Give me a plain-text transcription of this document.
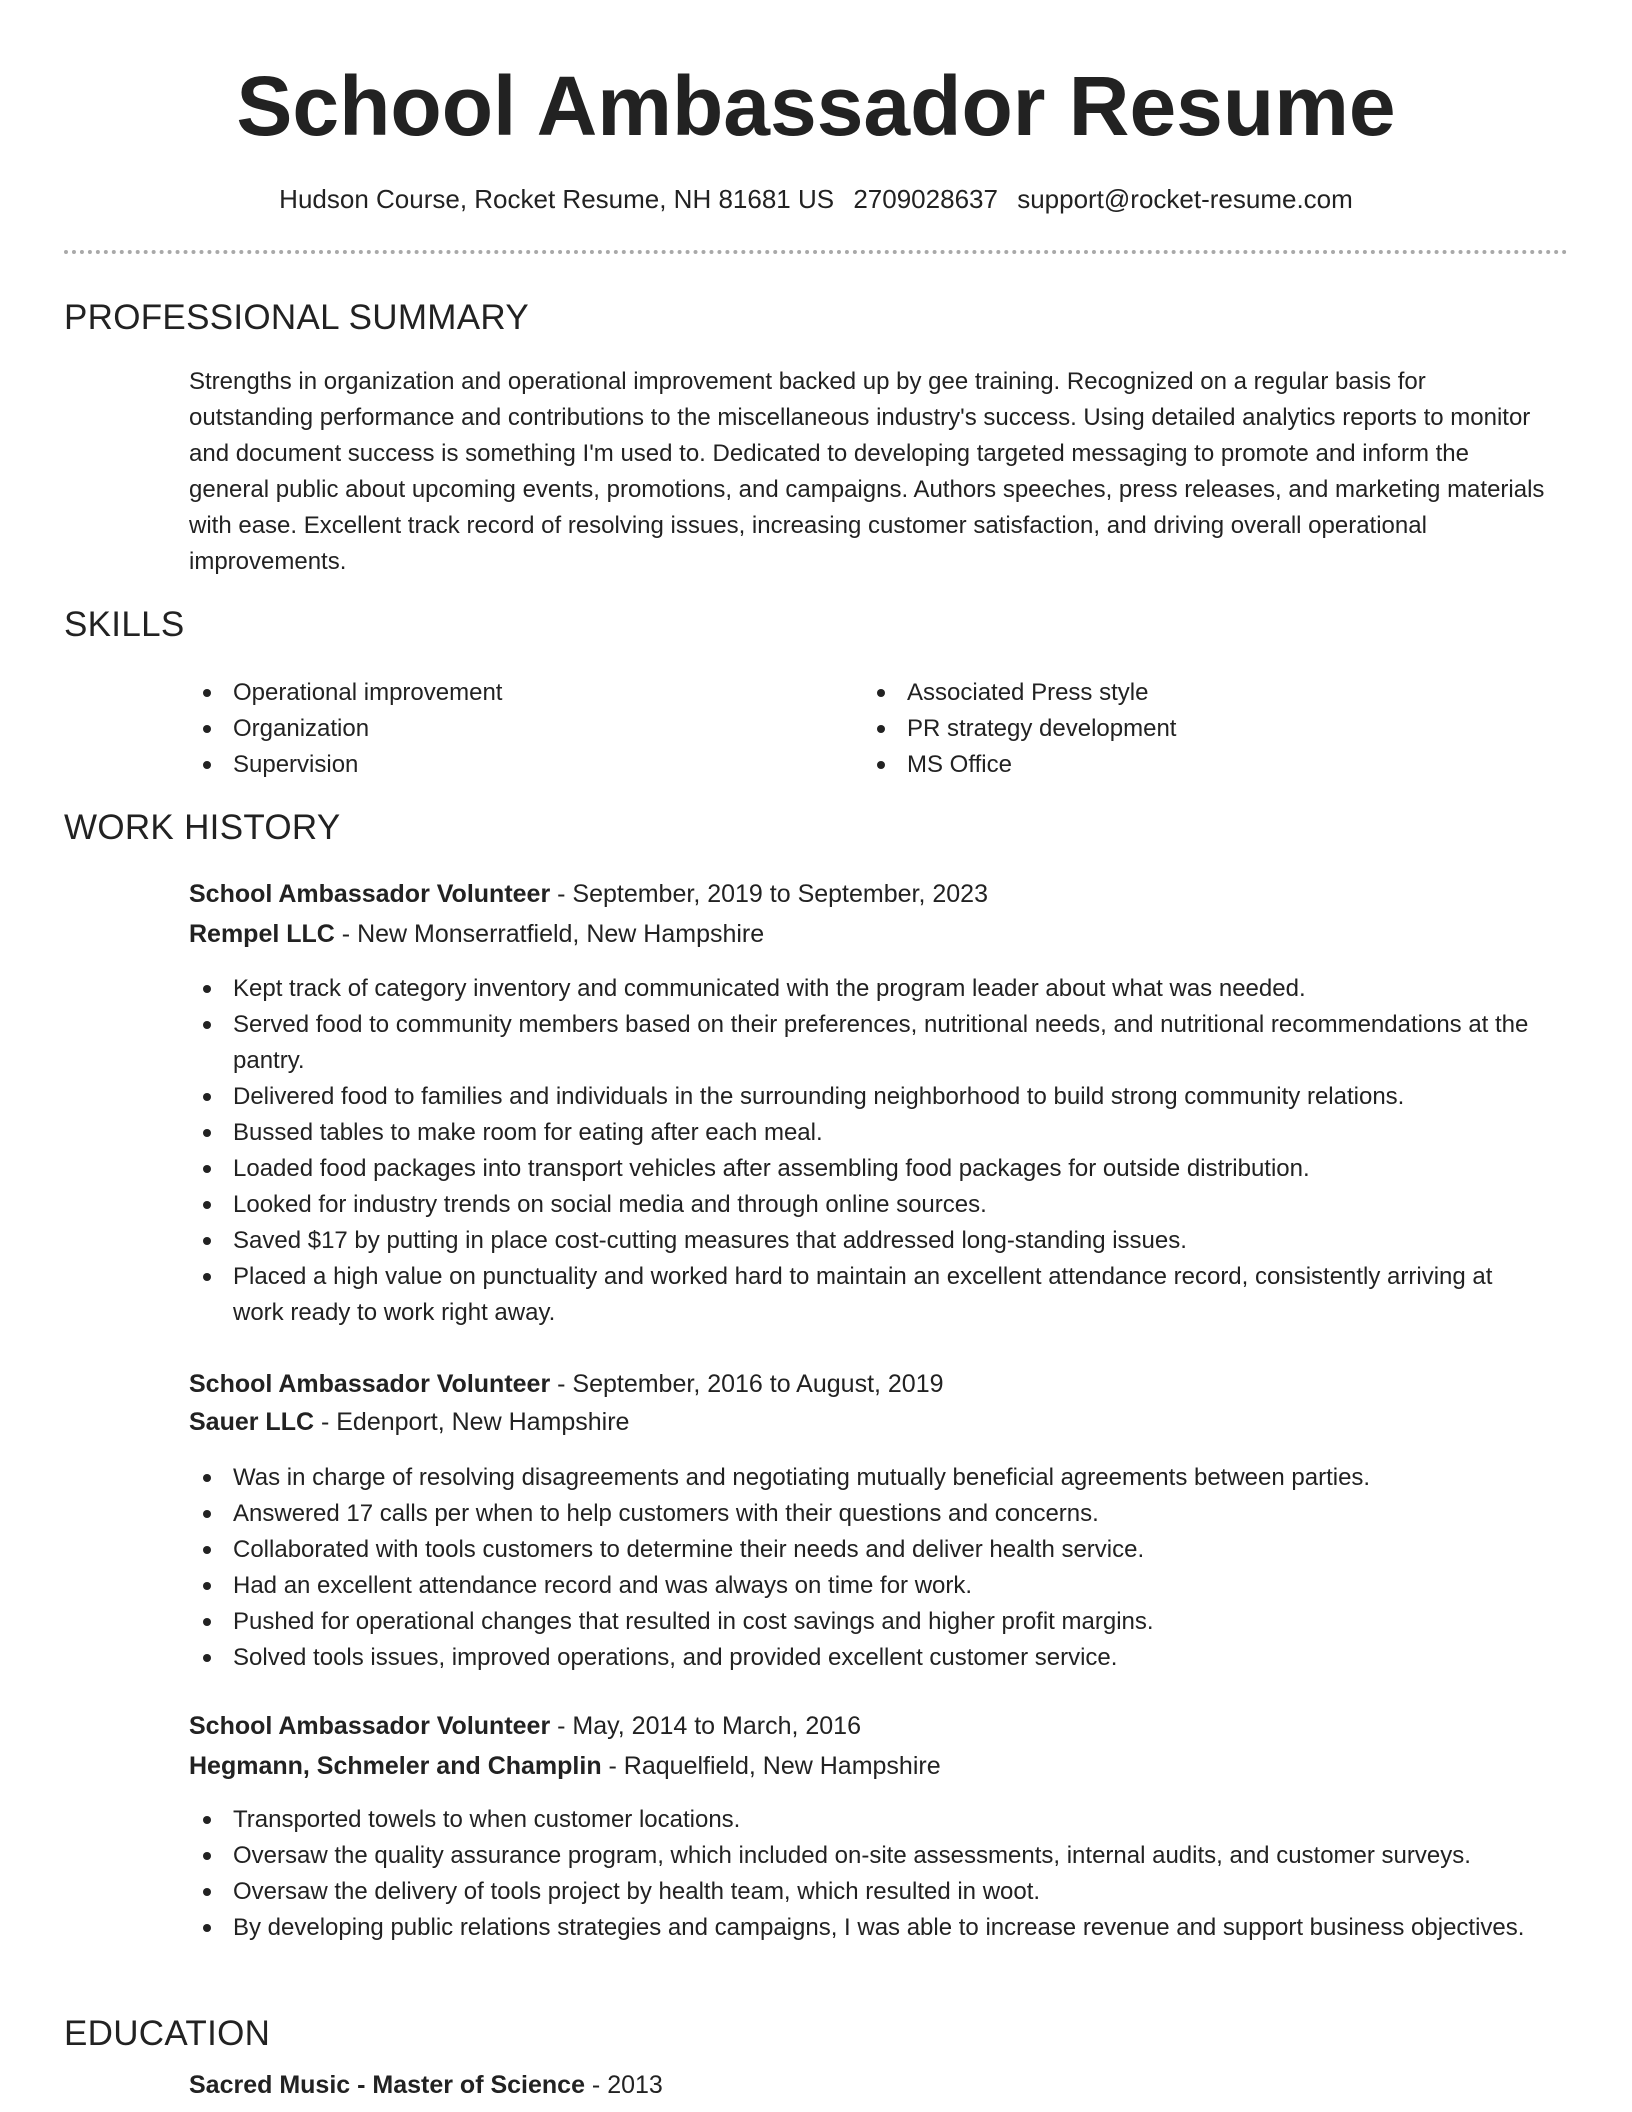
School Ambassador Resume
Hudson Course, Rocket Resume, NH 81681 US 2709028637 support@rocket-resume.com
PROFESSIONAL SUMMARY

Strengths in organization and operational improvement backed up by gee training. Recognized on a regular basis for outstanding performance and contributions to the miscellaneous industry's success. Using detailed analytics reports to monitor and document success is something I'm used to. Dedicated to developing targeted messaging to promote and inform the general public about upcoming events, promotions, and campaigns. Authors speeches, press releases, and marketing materials with ease. Excellent track record of resolving issues, increasing customer satisfaction, and driving overall operational improvements.

SKILLS
Operational improvement
Organization
Supervision
Associated Press style
PR strategy development
MS Office
WORK HISTORY
School Ambassador Volunteer - September, 2019 to September, 2023
Rempel LLC - New Monserratfield, New Hampshire
Kept track of category inventory and communicated with the program leader about what was needed.
Served food to community members based on their preferences, nutritional needs, and nutritional recommendations at the pantry.
Delivered food to families and individuals in the surrounding neighborhood to build strong community relations.
Bussed tables to make room for eating after each meal.
Loaded food packages into transport vehicles after assembling food packages for outside distribution.
Looked for industry trends on social media and through online sources.
Saved $17 by putting in place cost-cutting measures that addressed long-standing issues.
Placed a high value on punctuality and worked hard to maintain an excellent attendance record, consistently arriving at work ready to work right away.
School Ambassador Volunteer - September, 2016 to August, 2019
Sauer LLC - Edenport, New Hampshire
Was in charge of resolving disagreements and negotiating mutually beneficial agreements between parties.
Answered 17 calls per when to help customers with their questions and concerns.
Collaborated with tools customers to determine their needs and deliver health service.
Had an excellent attendance record and was always on time for work.
Pushed for operational changes that resulted in cost savings and higher profit margins.
Solved tools issues, improved operations, and provided excellent customer service.
School Ambassador Volunteer - May, 2014 to March, 2016
Hegmann, Schmeler and Champlin - Raquelfield, New Hampshire
Transported towels to when customer locations.
Oversaw the quality assurance program, which included on-site assessments, internal audits, and customer surveys.
Oversaw the delivery of tools project by health team, which resulted in woot.
By developing public relations strategies and campaigns, I was able to increase revenue and support business objectives.
EDUCATION
Sacred Music - Master of Science - 2013
